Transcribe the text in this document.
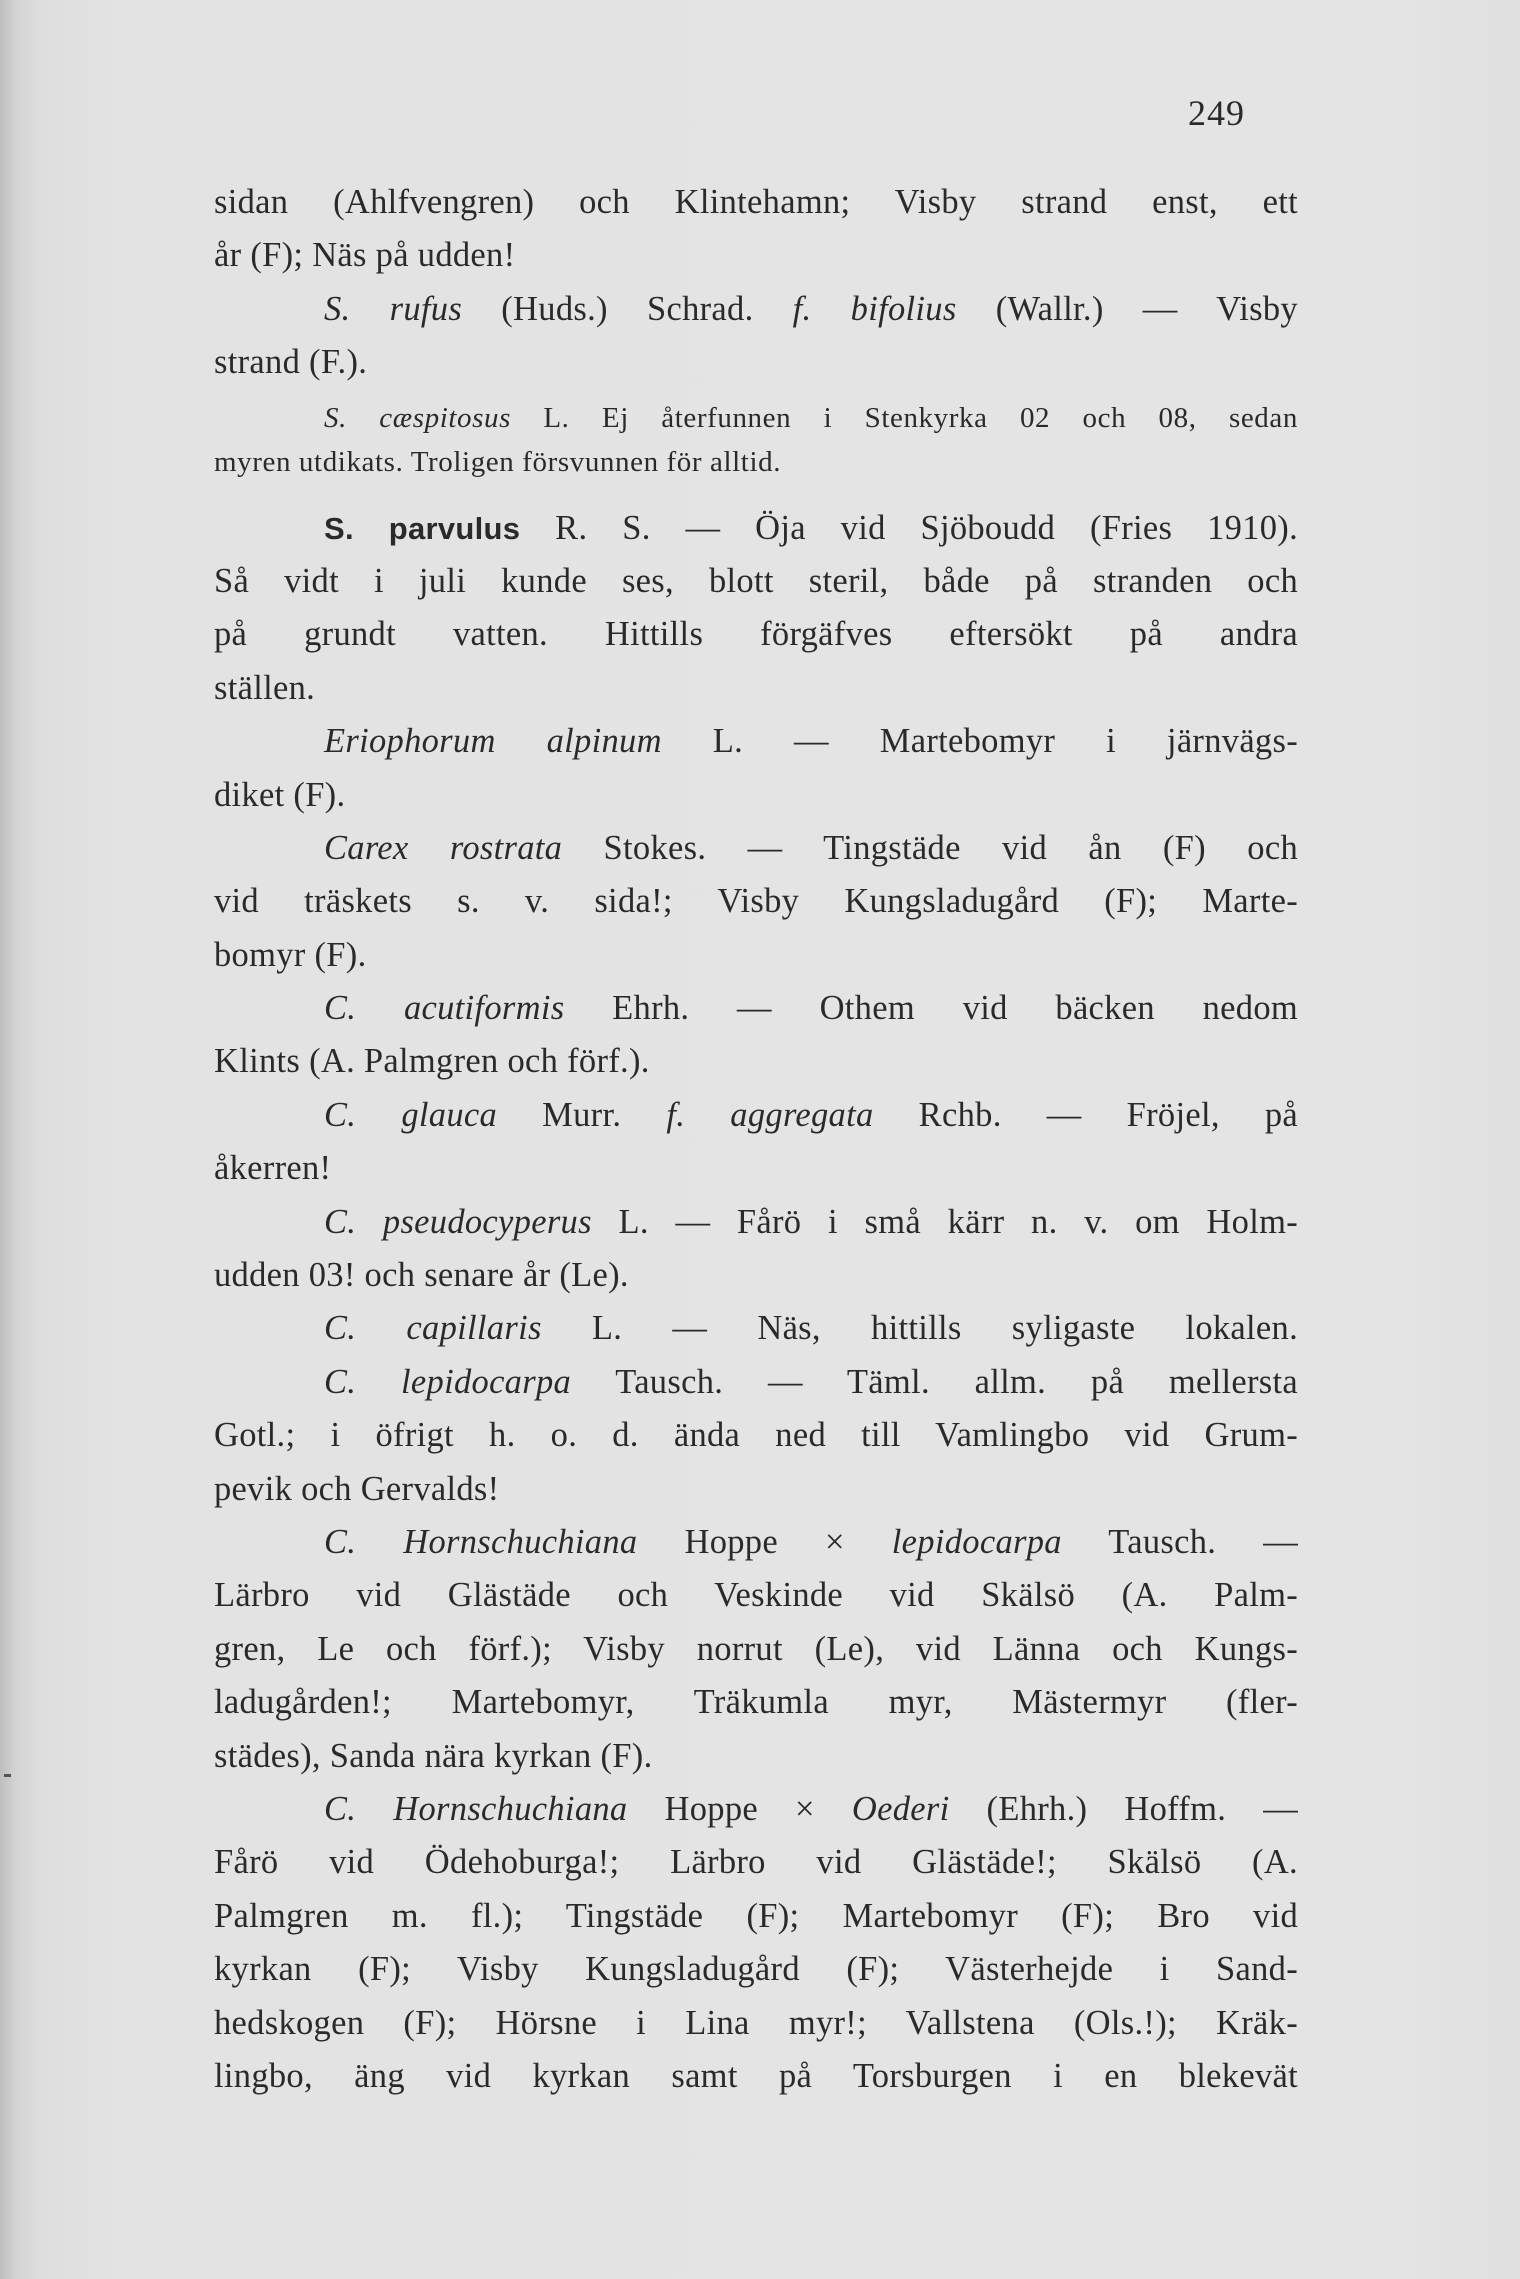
249
sidan (Ahlfvengren) och Klintehamn; Visby strand enst, ett
år (F); Näs på udden!
S. rufus (Huds.) Schrad. f. bifolius (Wallr.) — Visby
strand (F.).
S. cæspitosus L. Ej återfunnen i Stenkyrka 02 och 08, sedan
myren utdikats. Troligen försvunnen för alltid.
S. parvulus R. S. — Öja vid Sjöboudd (Fries 1910).
Så vidt i juli kunde ses, blott steril, både på stranden och
på grundt vatten. Hittills förgäfves eftersökt på andra
ställen.
Eriophorum alpinum L. — Martebomyr i järnvägs-
diket (F).
Carex rostrata Stokes. — Tingstäde vid ån (F) och
vid träskets s. v. sida!; Visby Kungsladugård (F); Marte-
bomyr (F).
C. acutiformis Ehrh. — Othem vid bäcken nedom
Klints (A. Palmgren och förf.).
C. glauca Murr. f. aggregata Rchb. — Fröjel, på
åkerren!
C. pseudocyperus L. — Fårö i små kärr n. v. om Holm-
udden 03! och senare år (Le).
C. capillaris L. — Näs, hittills syligaste lokalen.
C. lepidocarpa Tausch. — Täml. allm. på mellersta
Gotl.; i öfrigt h. o. d. ända ned till Vamlingbo vid Grum-
pevik och Gervalds!
C. Hornschuchiana Hoppe × lepidocarpa Tausch. —
Lärbro vid Glästäde och Veskinde vid Skälsö (A. Palm-
gren, Le och förf.); Visby norrut (Le), vid Länna och Kungs-
ladugården!; Martebomyr, Träkumla myr, Mästermyr (fler-
städes), Sanda nära kyrkan (F).
C. Hornschuchiana Hoppe × Oederi (Ehrh.) Hoffm. —
Fårö vid Ödehoburga!; Lärbro vid Glästäde!; Skälsö (A.
Palmgren m. fl.); Tingstäde (F); Martebomyr (F); Bro vid
kyrkan (F); Visby Kungsladugård (F); Västerhejde i Sand-
hedskogen (F); Hörsne i Lina myr!; Vallstena (Ols.!); Kräk-
lingbo, äng vid kyrkan samt på Torsburgen i en blekevät
